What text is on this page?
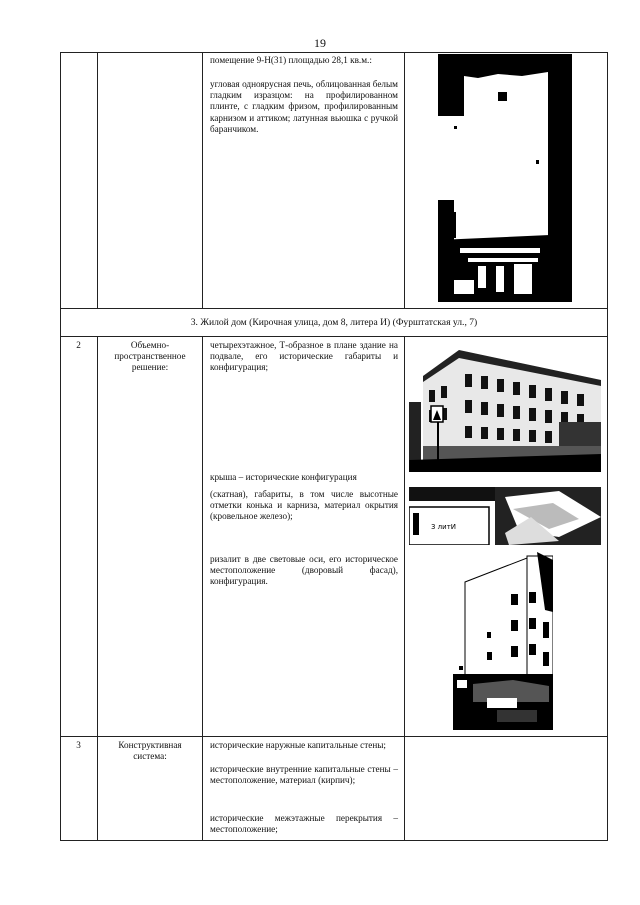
19
помещение 9-Н(31) площадью 28,1 кв.м.:
угловая одноярусная печь, облицованная белым гладким изразцом: на профилированном плинте, с гладким фризом, профилированным карнизом и аттиком; латунная вьюшка с ручкой баранчиком.
3. Жилой дом (Кирочная улица, дом 8, литера И) (Фурштатская ул., 7)
2	Объемно-пространственное решение:
четырехэтажное, Т-образное в плане здание на подвале, его исторические габариты и конфигурация;
крыша – исторические конфигурация
(скатная), габариты, в том числе высотные отметки конька и карниза, материал окрытия (кровельное железо);
ризалит в две световые оси, его историческое местоположение (дворовый фасад), конфигурация.
3 литИ
3	Конструктивная система:
исторические наружные капитальные стены;
исторические внутренние капитальные стены – местоположение, материал (кирпич);
исторические межэтажные перекрытия – местоположение;
